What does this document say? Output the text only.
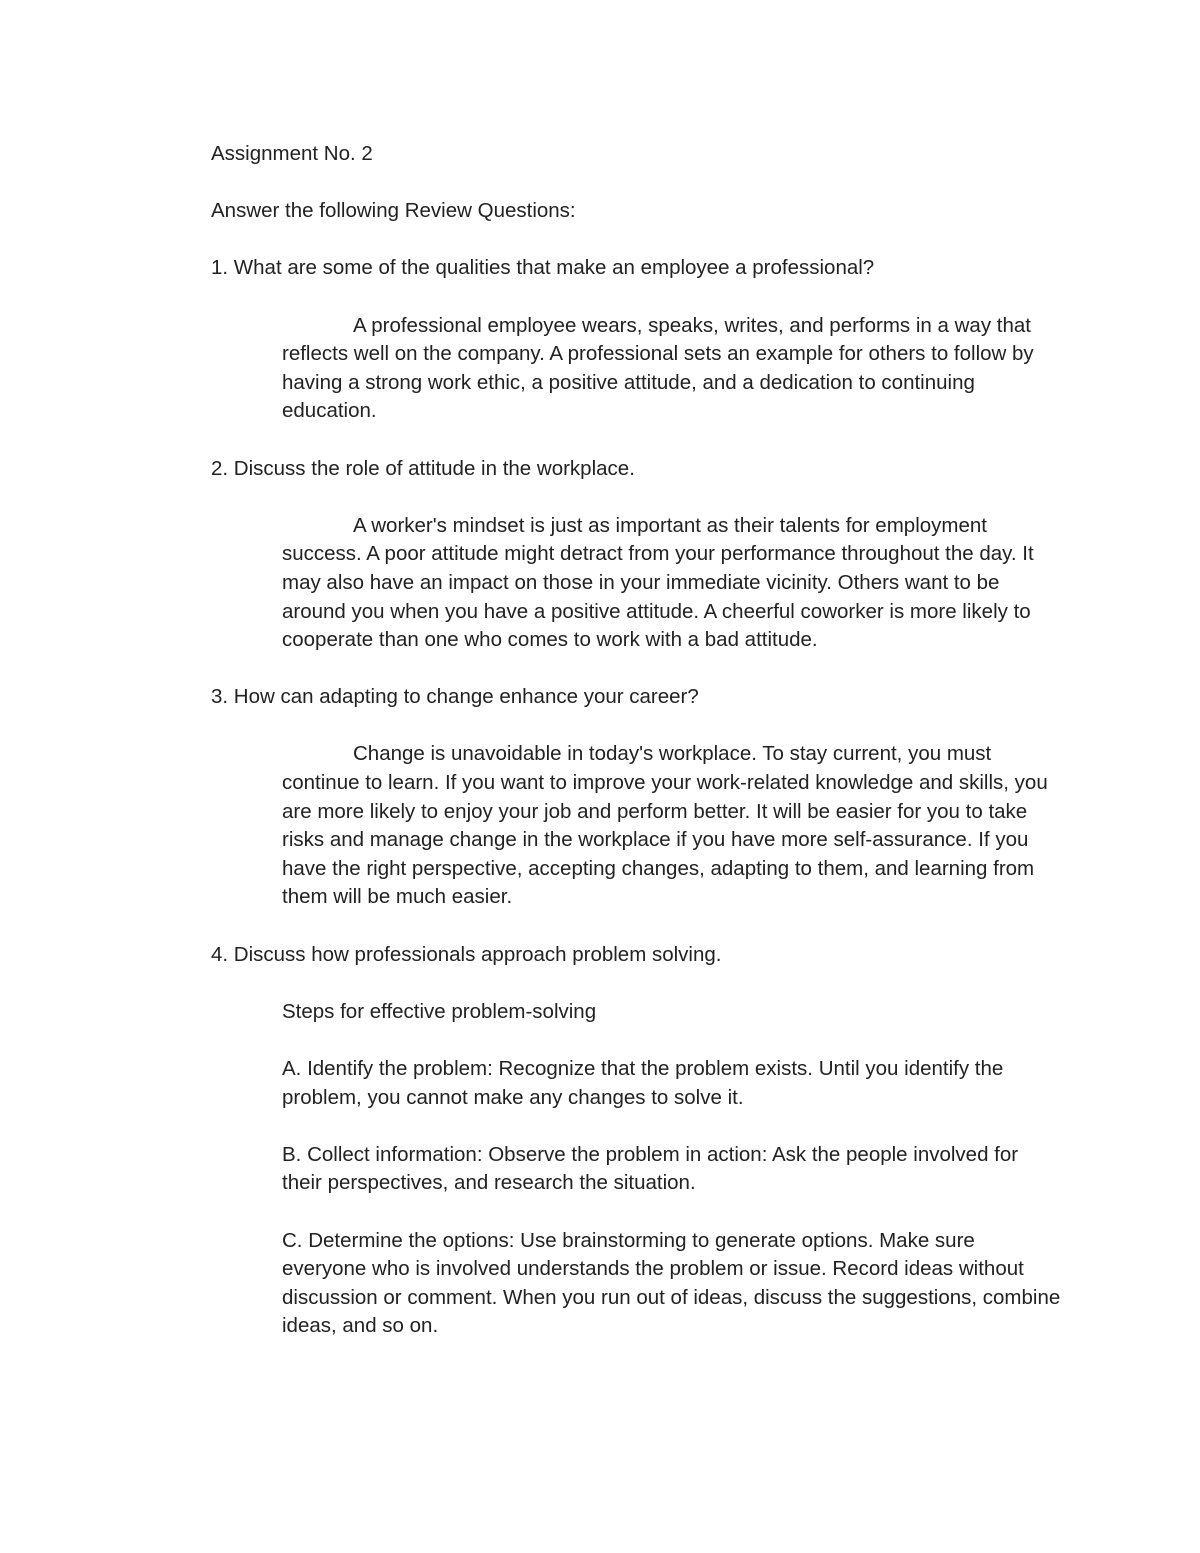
Assignment No. 2

Answer the following Review Questions:

1. What are some of the qualities that make an employee a professional?

A professional employee wears, speaks, writes, and performs in a way that reflects well on the company. A professional sets an example for others to follow by having a strong work ethic, a positive attitude, and a dedication to continuing education.

2. Discuss the role of attitude in the workplace.

A worker's mindset is just as important as their talents for employment success. A poor attitude might detract from your performance throughout the day. It may also have an impact on those in your immediate vicinity. Others want to be around you when you have a positive attitude. A cheerful coworker is more likely to cooperate than one who comes to work with a bad attitude.

3. How can adapting to change enhance your career?

Change is unavoidable in today's workplace. To stay current, you must continue to learn. If you want to improve your work-related knowledge and skills, you are more likely to enjoy your job and perform better. It will be easier for you to take risks and manage change in the workplace if you have more self-assurance. If you have the right perspective, accepting changes, adapting to them, and learning from them will be much easier.

4. Discuss how professionals approach problem solving.

Steps for effective problem-solving

A. Identify the problem: Recognize that the problem exists. Until you identify the problem, you cannot make any changes to solve it.

B. Collect information: Observe the problem in action: Ask the people involved for their perspectives, and research the situation.

C. Determine the options: Use brainstorming to generate options. Make sure everyone who is involved understands the problem or issue. Record ideas without discussion or comment. When you run out of ideas, discuss the suggestions, combine ideas, and so on.
